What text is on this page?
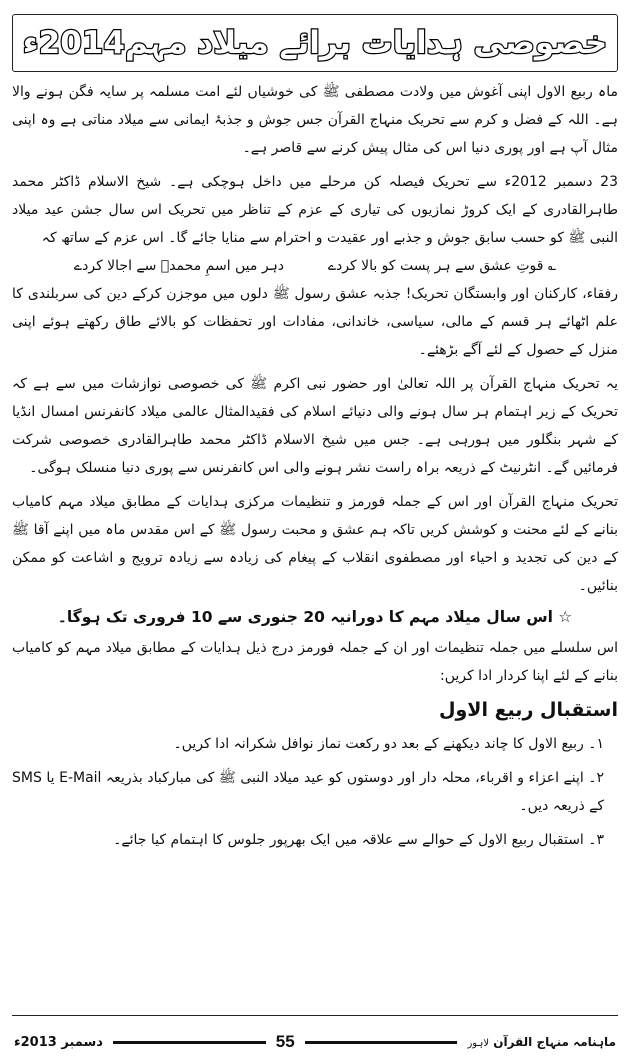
خصوصی ہدایات برائے میلاد مہم2014ء

ماہ ربیع الاول اپنی آغوش میں ولادت مصطفی ﷺ کی خوشیاں لئے امت مسلمہ پر سایہ فگن ہونے والا ہے۔ اللہ کے فضل و کرم سے تحریک منہاج القرآن جس جوش و جذبۂ ایمانی سے میلاد مناتی ہے وہ اپنی مثال آپ ہے اور پوری دنیا اس کی مثال پیش کرنے سے قاصر ہے۔

23 دسمبر 2012ء سے تحریک فیصلہ کن مرحلے میں داخل ہوچکی ہے۔ شیخ الاسلام ڈاکٹر محمد طاہرالقادری کے ایک کروڑ نمازیوں کی تیاری کے عزم کے تناظر میں تحریک اس سال جشن عید میلاد النبی ﷺ کو حسب سابق جوش و جذبے اور عقیدت و احترام سے منایا جائے گا۔ اس عزم کے ساتھ کہ

؎ قوتِ عشق سے ہر پست کو بالا کردے
دہر میں اسمِ محمدؐ سے اجالا کردے

رفقاء، کارکنان اور وابستگان تحریک! جذبہ عشق رسول ﷺ دلوں میں موجزن کرکے دین کی سربلندی کا علم اٹھائے ہر قسم کے مالی، سیاسی، خاندانی، مفادات اور تحفظات کو بالائے طاق رکھتے ہوئے اپنی منزل کے حصول کے لئے آگے بڑھئے۔

یہ تحریک منہاج القرآن پر اللہ تعالیٰ اور حضور نبی اکرم ﷺ کی خصوصی نوازشات میں سے ہے کہ تحریک کے زیر اہتمام ہر سال ہونے والی دنیائے اسلام کی فقیدالمثال عالمی میلاد کانفرنس امسال انڈیا کے شہر بنگلور میں ہورہی ہے۔ جس میں شیخ الاسلام ڈاکٹر محمد طاہرالقادری خصوصی شرکت فرمائیں گے۔ انٹرنیٹ کے ذریعہ براہ راست نشر ہونے والی اس کانفرنس سے پوری دنیا منسلک ہوگی۔

تحریک منہاج القرآن اور اس کے جملہ فورمز و تنظیمات مرکزی ہدایات کے مطابق میلاد مہم کامیاب بنانے کے لئے محنت و کوشش کریں تاکہ ہم عشق و محبت رسول ﷺ کے اس مقدس ماہ میں اپنے آقا ﷺ کے دین کی تجدید و احیاء اور مصطفوی انقلاب کے پیغام کی زیادہ سے زیادہ ترویج و اشاعت کو ممکن بنائیں۔

☆ اس سال میلاد مہم کا دورانیہ 20 جنوری سے 10 فروری تک ہوگا۔

اس سلسلے میں جملہ تنظیمات اور ان کے جملہ فورمز درج ذیل ہدایات کے مطابق میلاد مہم کو کامیاب بنانے کے لئے اپنا کردار ادا کریں:

استقبال ربیع الاول

۱۔ ربیع الاول کا چاند دیکھنے کے بعد دو رکعت نماز نوافل شکرانہ ادا کریں۔

۲۔ اپنے اعزاء و اقرباء، محلہ دار اور دوستوں کو عید میلاد النبی ﷺ کی مبارکباد بذریعہ E-Mail یا SMS کے ذریعہ دیں۔

۳۔ استقبال ربیع الاول کے حوالے سے علاقہ میں ایک بھرپور جلوس کا اہتمام کیا جائے۔

ماہنامہ منہاج القرآن لاہور
55
دسمبر 2013ء
